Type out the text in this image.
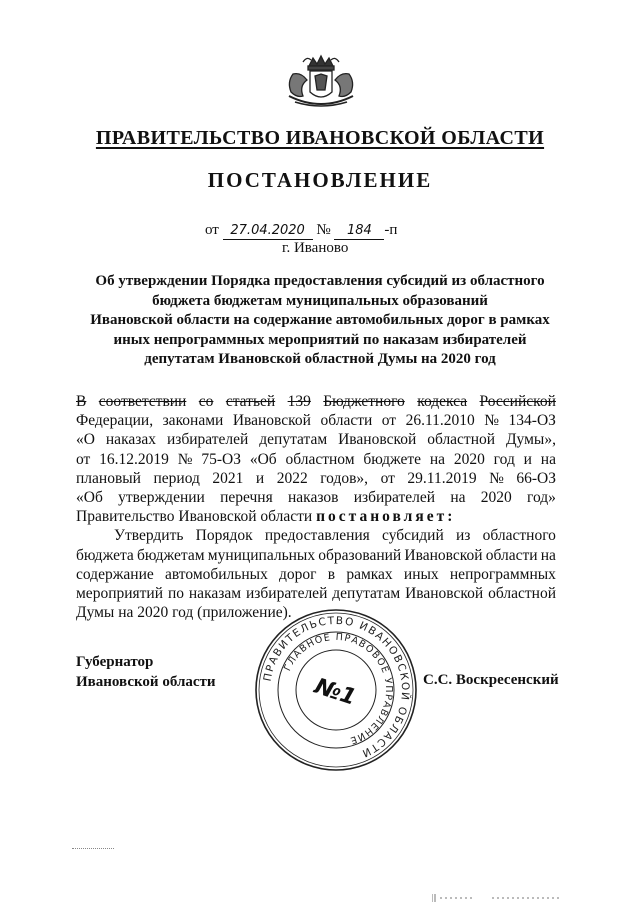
ПРАВИТЕЛЬСТВО ИВАНОВСКОЙ ОБЛАСТИ
ПОСТАНОВЛЕНИЕ
от 27.04.2020 № 184 -п
г. Иваново
Об утверждении Порядка предоставления субсидий из областного
бюджета бюджетам муниципальных образований
Ивановской области на содержание автомобильных дорог в рамках
иных непрограммных мероприятий по наказам избирателей
депутатам Ивановской областной Думы на 2020 год
В соответствии со статьей 139 Бюджетного кодекса Российской
Федерации, законами Ивановской области от 26.11.2010 № 134-ОЗ
«О наказах избирателей депутатам Ивановской областной Думы»,
от 16.12.2019 № 75-ОЗ «Об областном бюджете на 2020 год и на
плановый период 2021 и 2022 годов», от 29.11.2019 № 66-ОЗ
«Об утверждении перечня наказов избирателей на 2020 год»
Правительство Ивановской области
постановляет:
Утвердить Порядок предоставления субсидий из областного
бюджета бюджетам муниципальных образований Ивановской области на
содержание автомобильных дорог в рамках иных непрограммных
мероприятий по наказам избирателей депутатам Ивановской областной
Думы на 2020 год (приложение).
Губернатор
Ивановской области	С.С. Воскресенский
ПРАВИТЕЛЬСТВО ИВАНОВСКОЙ ОБЛАСТИ
ГЛАВНОЕ ПРАВОВОЕ УПРАВЛЕНИЕ
№1
